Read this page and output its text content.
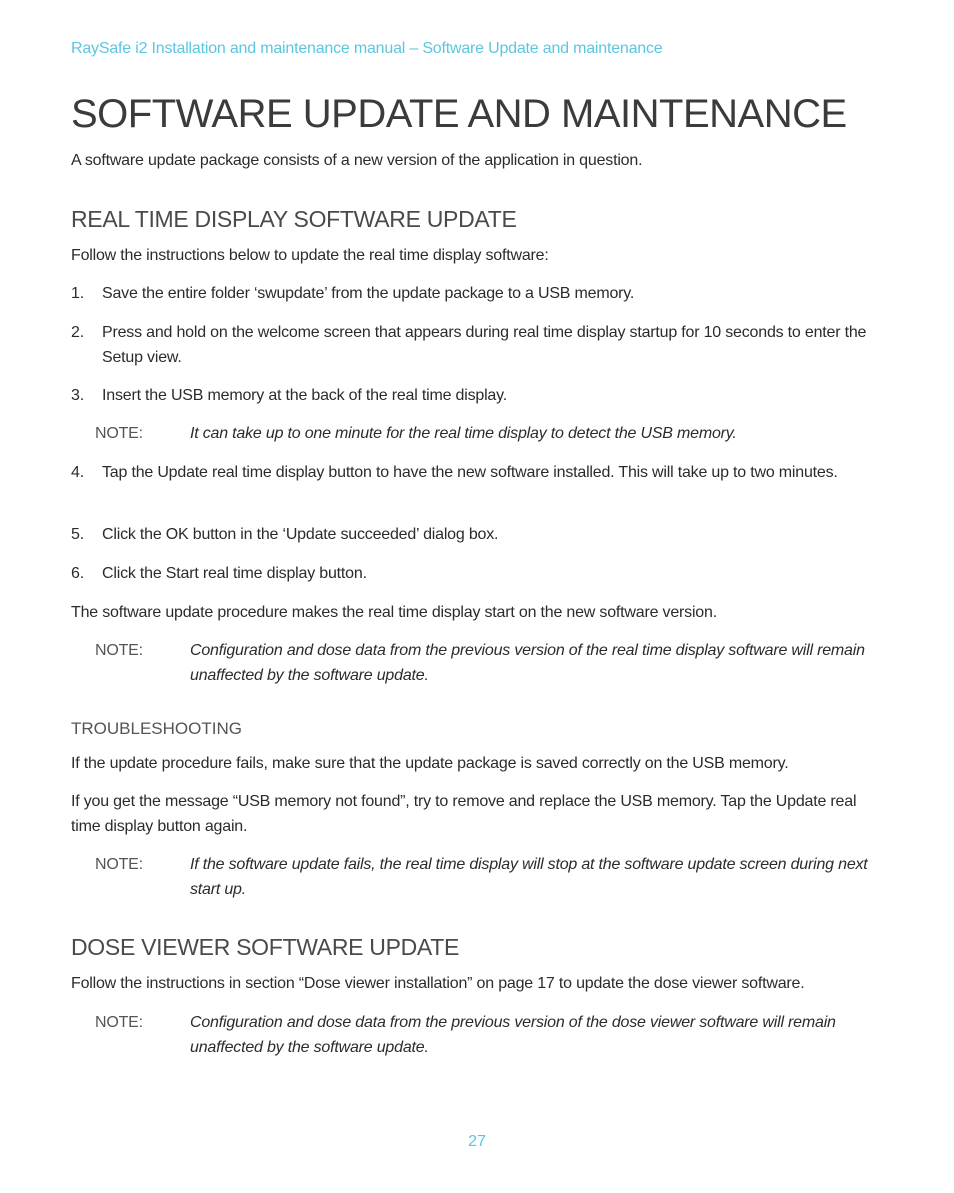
RaySafe i2 Installation and maintenance manual – Software Update and maintenance
SOFTWARE UPDATE AND MAINTENANCE
A software update package consists of a new version of the application in question.
REAL TIME DISPLAY SOFTWARE UPDATE
Follow the instructions below to update the real time display software:
1. Save the entire folder ‘swupdate’ from the update package to a USB memory.
2. Press and hold on the welcome screen that appears during real time display startup for 10 seconds to enter the Setup view.
3. Insert the USB memory at the back of the real time display.
NOTE:	It can take up to one minute for the real time display to detect the USB memory.
4. Tap the Update real time display button to have the new software installed. This will take up to two minutes.
5. Click the OK button in the ‘Update succeeded’ dialog box.
6. Click the Start real time display button.
The software update procedure makes the real time display start on the new software version.
NOTE:	Configuration and dose data from the previous version of the real time display software will remain unaffected by the software update.
TROUBLESHOOTING
If the update procedure fails, make sure that the update package is saved correctly on the USB memory.
If you get the message “USB memory not found”, try to remove and replace the USB memory. Tap the Update real time display button again.
NOTE:	If the software update fails, the real time display will stop at the software update screen during next start up.
DOSE VIEWER SOFTWARE UPDATE
Follow the instructions in section “Dose viewer installation” on page 17 to update the dose viewer software.
NOTE:	Configuration and dose data from the previous version of the dose viewer software will remain unaffected by the software update.
27
